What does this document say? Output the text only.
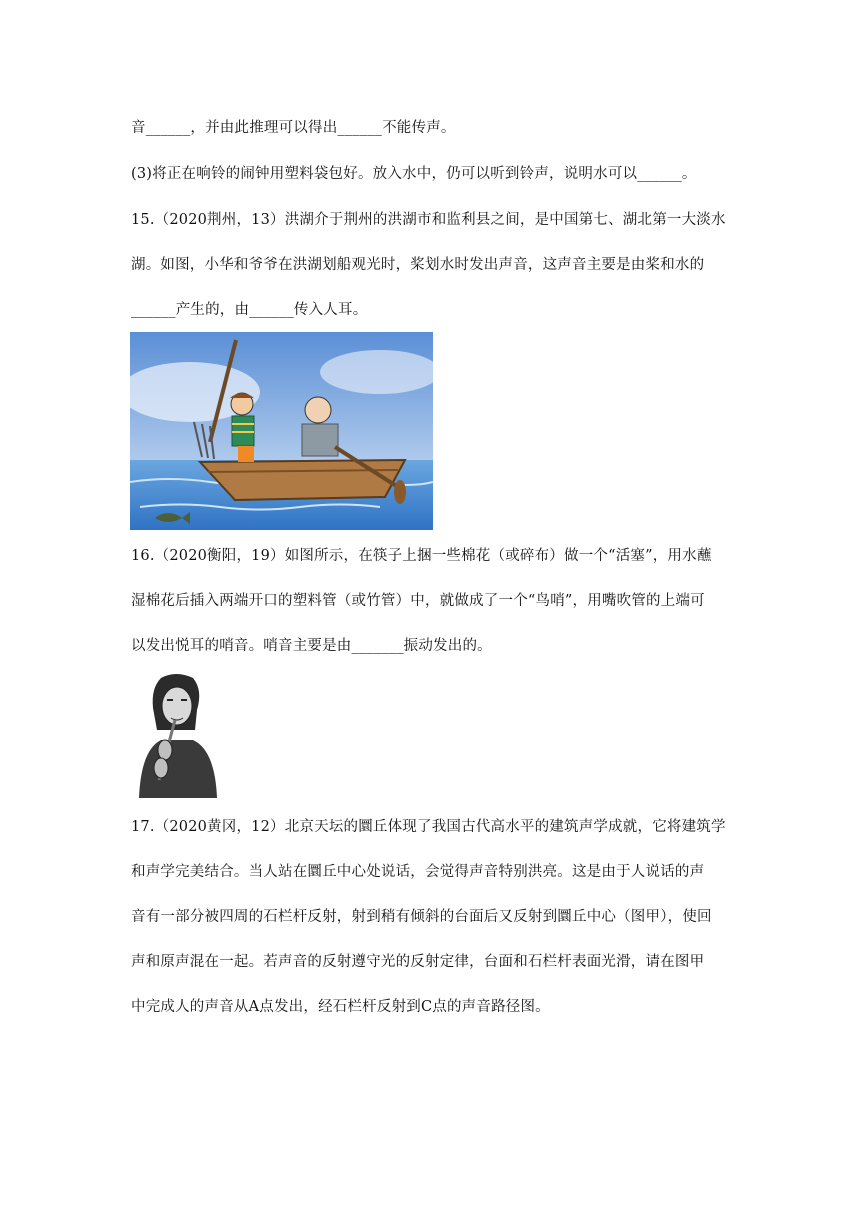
音______，并由此推理可以得出______不能传声。
(3)将正在响铃的闹钟用塑料袋包好。放入水中，仍可以听到铃声，说明水可以______。
15.（2020荆州，13）洪湖介于荆州的洪湖市和监利县之间，是中国第七、湖北第一大淡水
湖。如图，小华和爷爷在洪湖划船观光时，桨划水时发出声音，这声音主要是由桨和水的
______产生的，由______传入人耳。
16.（2020衡阳，19）如图所示，在筷子上捆一些棉花（或碎布）做一个“活塞”，用水蘸
湿棉花后插入两端开口的塑料管（或竹管）中，就做成了一个“鸟哨”，用嘴吹管的上端可
以发出悦耳的哨音。哨音主要是由_______振动发出的。
17.（2020黄冈，12）北京天坛的圜丘体现了我国古代高水平的建筑声学成就，它将建筑学
和声学完美结合。当人站在圜丘中心处说话，会觉得声音特别洪亮。这是由于人说话的声
音有一部分被四周的石栏杆反射，射到稍有倾斜的台面后又反射到圜丘中心（图甲），使回
声和原声混在一起。若声音的反射遵守光的反射定律，台面和石栏杆表面光滑，请在图甲
中完成人的声音从A点发出，经石栏杆反射到C点的声音路径图。
